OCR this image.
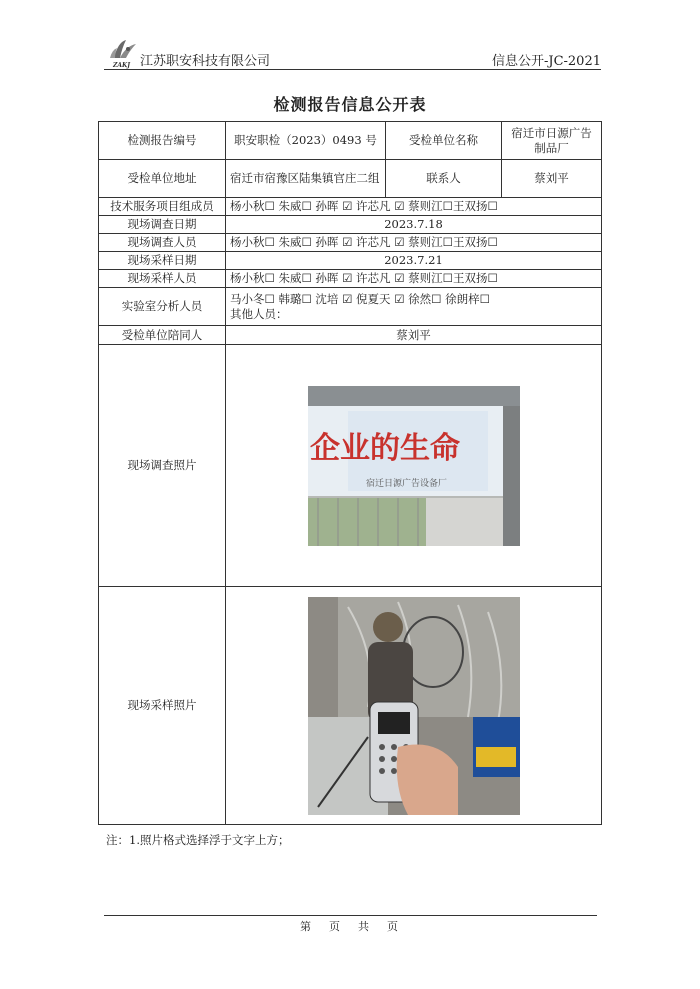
ZAKJ 江苏职安科技有限公司	信息公开-JC-2021
检测报告信息公开表
检测报告编号	职安职检（2023）0493 号	受检单位名称	宿迁市日源广告制品厂
受检单位地址	宿迁市宿豫区陆集镇官庄二组	联系人	蔡刘平
技术服务项目组成员	杨小秋☐ 朱威☐ 孙晖 ☑ 许芯凡 ☑ 蔡则江☐王双扬☐		
现场调查日期	2023.7.18		
现场调查人员	杨小秋☐ 朱威☐ 孙晖 ☑ 许芯凡 ☑ 蔡则江☐王双扬☐		
现场采样日期	2023.7.21		
现场采样人员	杨小秋☐ 朱威☐ 孙晖 ☑ 许芯凡 ☑ 蔡则江☐王双扬☐		
实验室分析人员	马小冬☐ 韩璐☐ 沈培 ☑ 倪夏天 ☑ 徐然☐ 徐朗梓☐
其他人员：		

受检单位陪同人	蔡刘平		
现场调查照片	企业的生命
宿迁日源广告设备厂		

现场采样照片	
注：1.照片格式选择浮于文字上方；
第 页 共 页
